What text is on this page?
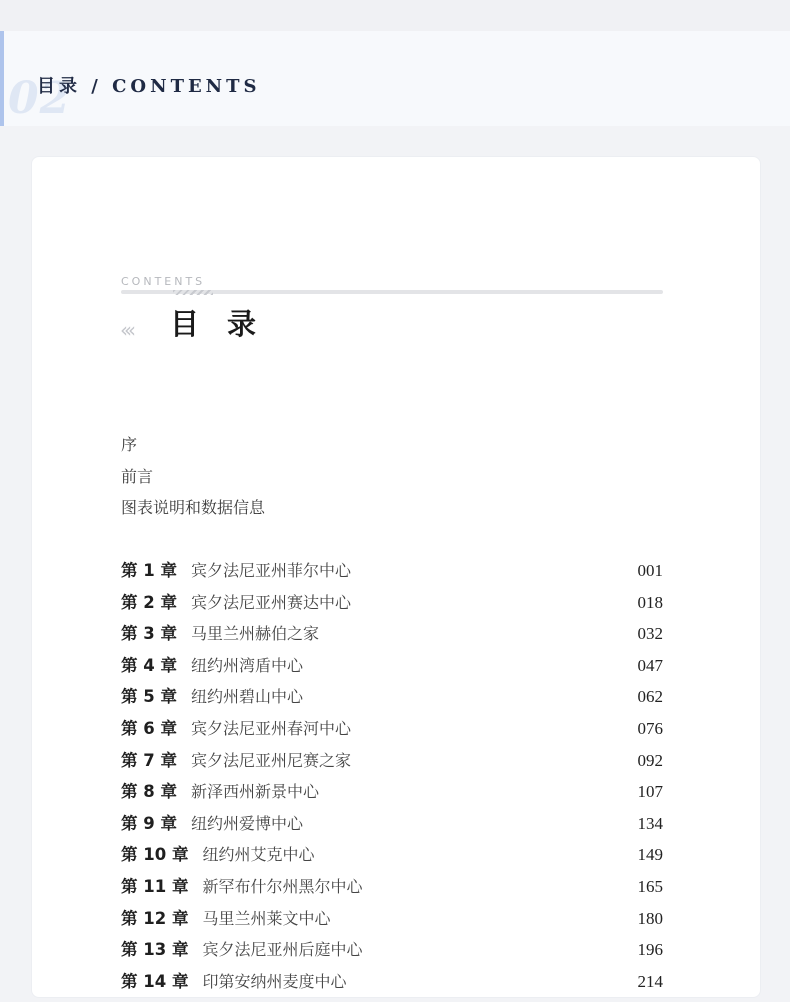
02
目录 / CONTENTS
CONTENTS
‹‹‹ 目录
序
前言
图表说明和数据信息
第 1 章 宾夕法尼亚州菲尔中心	001
第 2 章 宾夕法尼亚州赛达中心	018
第 3 章 马里兰州赫伯之家	032
第 4 章 纽约州湾盾中心	047
第 5 章 纽约州碧山中心	062
第 6 章 宾夕法尼亚州春河中心	076
第 7 章 宾夕法尼亚州尼赛之家	092
第 8 章 新泽西州新景中心	107
第 9 章 纽约州爱博中心	134
第 10 章 纽约州艾克中心	149
第 11 章 新罕布什尔州黑尔中心	165
第 12 章 马里兰州莱文中心	180
第 13 章 宾夕法尼亚州后庭中心	196
第 14 章 印第安纳州麦度中心	214
